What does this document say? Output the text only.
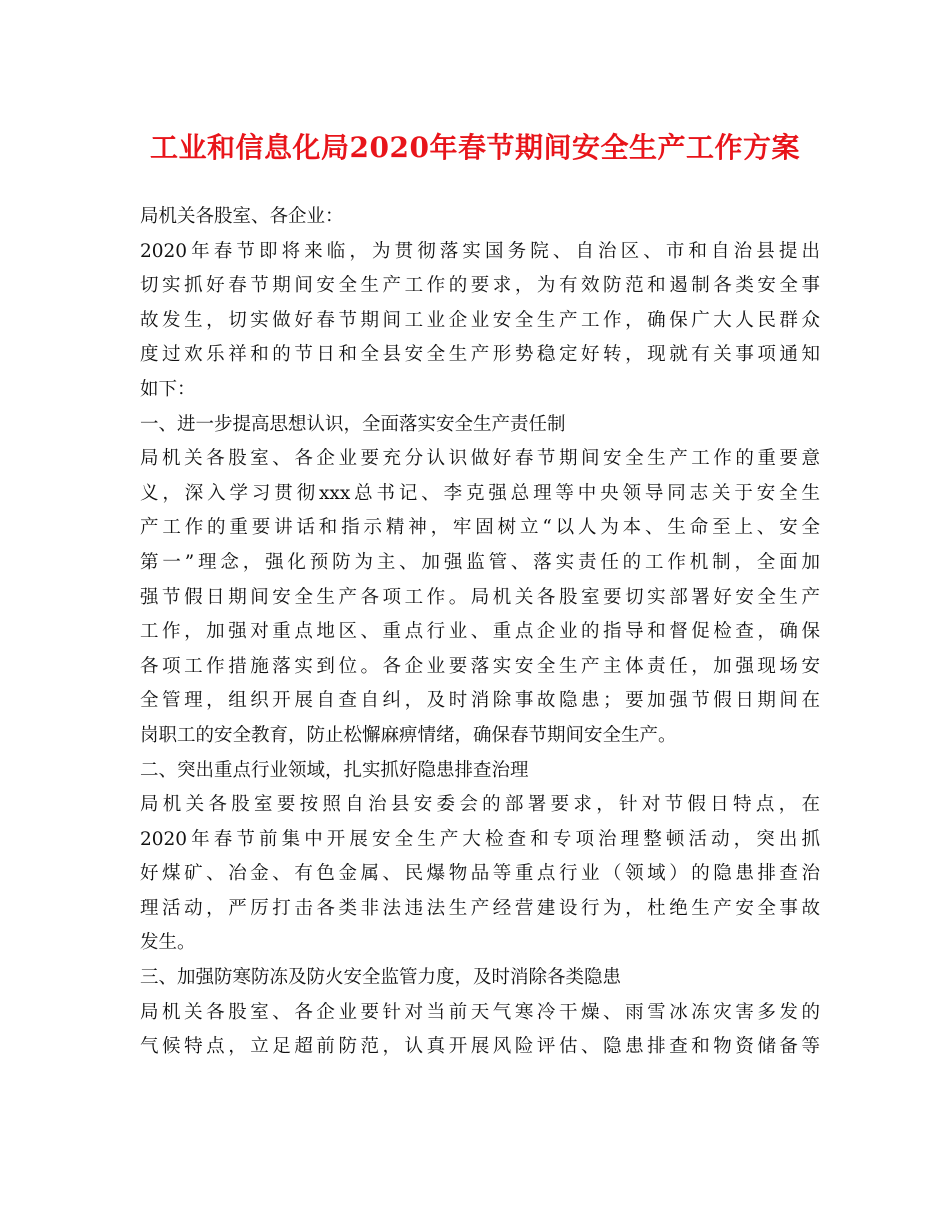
工业和信息化局2020年春节期间安全生产工作方案
局机关各股室、各企业：
2020年春节即将来临，为贯彻落实国务院、自治区、市和自治县提出
切实抓好春节期间安全生产工作的要求，为有效防范和遏制各类安全事
故发生，切实做好春节期间工业企业安全生产工作，确保广大人民群众
度过欢乐祥和的节日和全县安全生产形势稳定好转，现就有关事项通知
如下：
一、进一步提高思想认识，全面落实安全生产责任制
局机关各股室、各企业要充分认识做好春节期间安全生产工作的重要意
义，深入学习贯彻xxx总书记、李克强总理等中央领导同志关于安全生
产工作的重要讲话和指示精神，牢固树立“以人为本、生命至上、安全
第一”理念，强化预防为主、加强监管、落实责任的工作机制，全面加
强节假日期间安全生产各项工作。局机关各股室要切实部署好安全生产
工作，加强对重点地区、重点行业、重点企业的指导和督促检查，确保
各项工作措施落实到位。各企业要落实安全生产主体责任，加强现场安
全管理，组织开展自查自纠，及时消除事故隐患；要加强节假日期间在
岗职工的安全教育，防止松懈麻痹情绪，确保春节期间安全生产。
二、突出重点行业领域，扎实抓好隐患排查治理
局机关各股室要按照自治县安委会的部署要求，针对节假日特点，在
2020年春节前集中开展安全生产大检查和专项治理整顿活动，突出抓
好煤矿、冶金、有色金属、民爆物品等重点行业（领域）的隐患排查治
理活动，严厉打击各类非法违法生产经营建设行为，杜绝生产安全事故
发生。
三、加强防寒防冻及防火安全监管力度，及时消除各类隐患
局机关各股室、各企业要针对当前天气寒冷干燥、雨雪冰冻灾害多发的
气候特点，立足超前防范，认真开展风险评估、隐患排查和物资储备等
